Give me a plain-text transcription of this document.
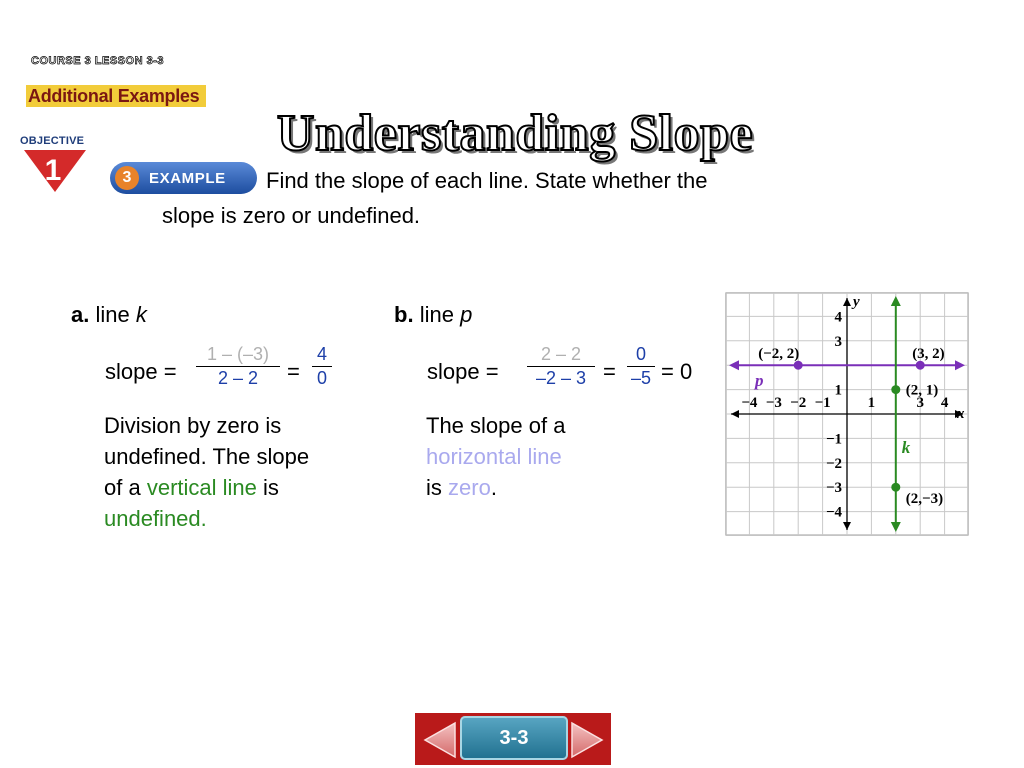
COURSE 3 LESSON 3-3
Additional Examples
OBJECTIVE
1
Understanding Slope
3	EXAMPLE Find the slope of each line. State whether the
slope is zero or undefined.
a. line k
slope =
1 – (–3)
2 – 2	=
4
0
Division by zero is
undefined. The slope
of a vertical line is
undefined.
b. line p
slope =
2 – 2
–2 – 3 =
0
–5 = 0
The slope of a
horizontal line
is zero.
−4 −3 −2 −1 1	3 4
4
3
1
−1
−2
−3
−4
x
y
p
k
(−2, 2)	(3, 2)
(2, 1)
(2,−3)
3-3
